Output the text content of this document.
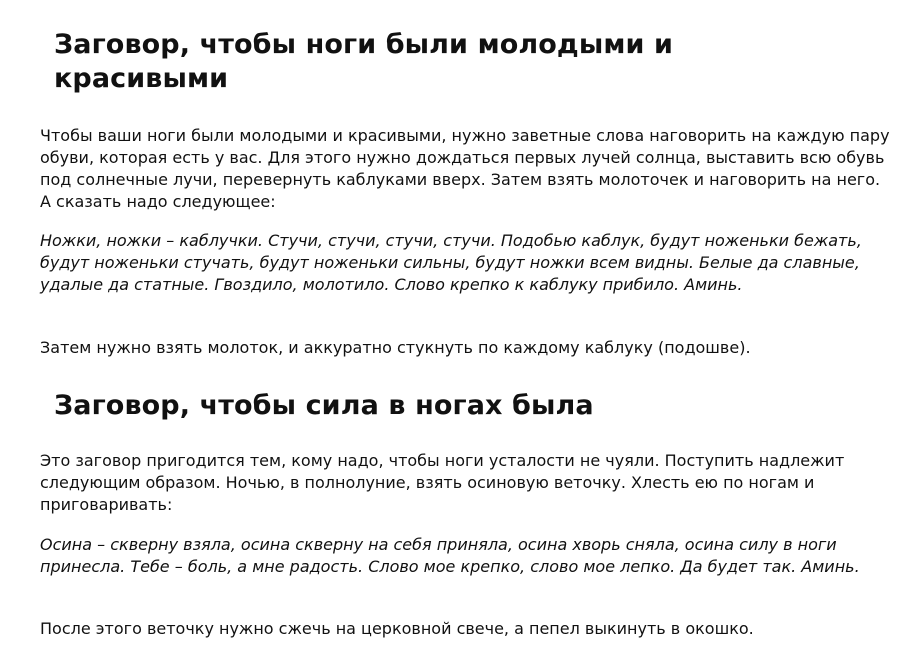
Заговор, чтобы ноги были молодыми и красивыми

Чтобы ваши ноги были молодыми и красивыми, нужно заветные слова наговорить на каждую пару обуви, которая есть у вас. Для этого нужно дождаться первых лучей солнца, выставить всю обувь под солнечные лучи, перевернуть каблуками вверх. Затем взять молоточек и наговорить на него. А сказать надо следующее:

Ножки, ножки – каблучки. Стучи, стучи, стучи, стучи. Подобью каблук, будут ноженьки бежать, будут ноженьки стучать, будут ноженьки сильны, будут ножки всем видны. Белые да славные, удалые да статные. Гвоздило, молотило. Слово крепко к каблуку прибило. Аминь.

Затем нужно взять молоток, и аккуратно стукнуть по каждому каблуку (подошве).

Заговор, чтобы сила в ногах была

Это заговор пригодится тем, кому надо, чтобы ноги усталости не чуяли. Поступить надлежит следующим образом. Ночью, в полнолуние, взять осиновую веточку. Хлесть ею по ногам и приговаривать:

Осина – скверну взяла, осина скверну на себя приняла, осина хворь сняла, осина силу в ноги принесла. Тебе – боль, а мне радость. Слово мое крепко, слово мое лепко. Да будет так. Аминь.

После этого веточку нужно сжечь на церковной свече, а пепел выкинуть в окошко.
